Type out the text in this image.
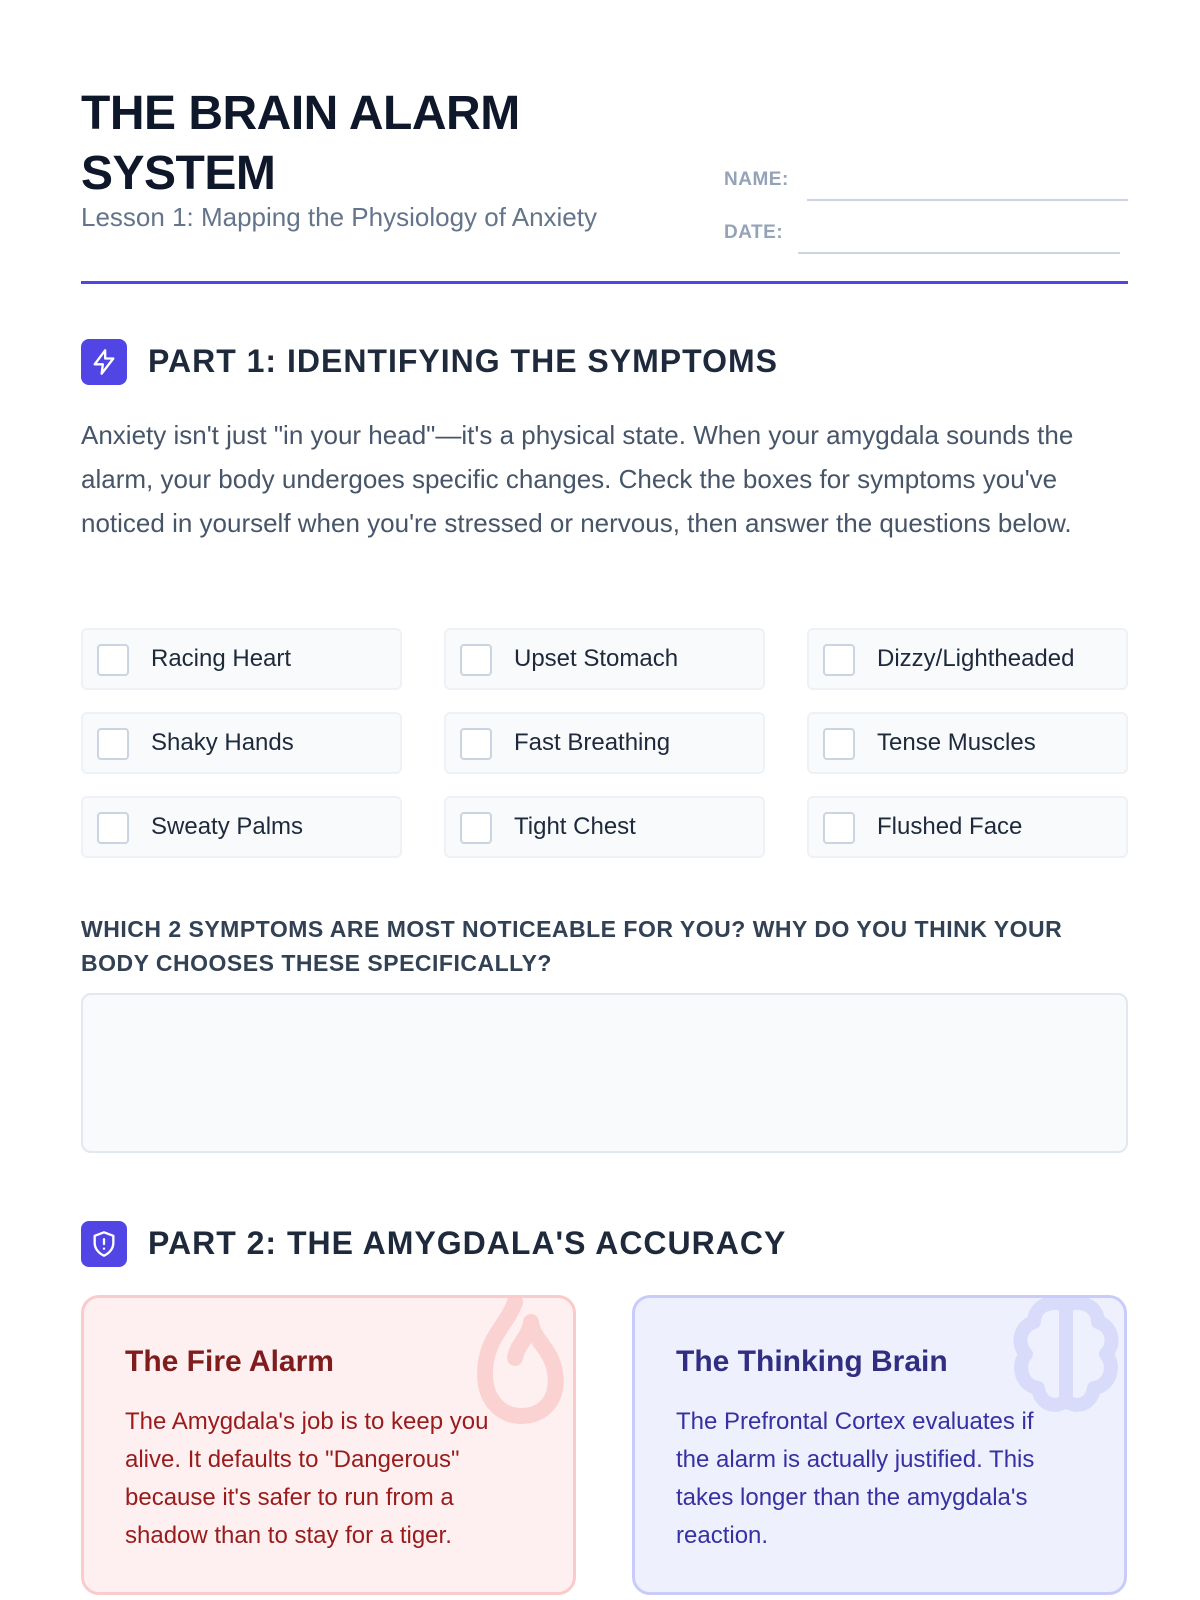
THE BRAIN ALARM SYSTEM
Lesson 1: Mapping the Physiology of Anxiety
NAME:
DATE:
PART 1: IDENTIFYING THE SYMPTOMS

Anxiety isn't just "in your head"—it's a physical state. When your amygdala sounds the alarm, your body undergoes specific changes. Check the boxes for symptoms you've noticed in yourself when you're stressed or nervous, then answer the questions below.

Racing Heart	Upset Stomach	Dizzy/Lightheaded
Shaky Hands	Fast Breathing	Tense Muscles
Sweaty Palms	Tight Chest	Flushed Face
WHICH 2 SYMPTOMS ARE MOST NOTICEABLE FOR YOU? WHY DO YOU THINK YOUR BODY CHOOSES THESE SPECIFICALLY?
PART 2: THE AMYGDALA'S ACCURACY
The Fire Alarm

The Amygdala's job is to keep you alive. It defaults to "Dangerous" because it's safer to run from a shadow than to stay for a tiger.

The Thinking Brain

The Prefrontal Cortex evaluates if the alarm is actually justified. This takes longer than the amygdala's reaction.
